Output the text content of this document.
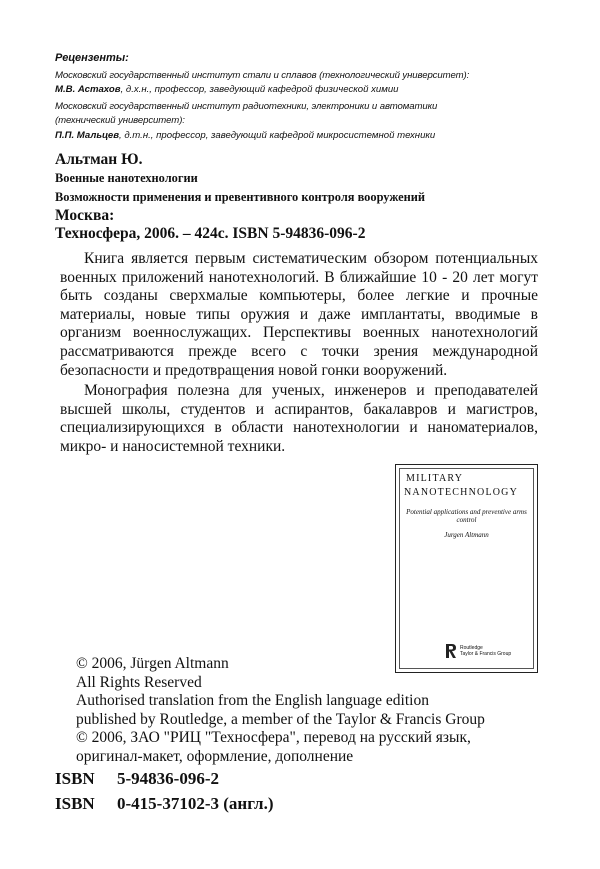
Рецензенты:
Московский государственный институт стали и сплавов (технологический университет):
М.В. Астахов, д.х.н., профессор, заведующий кафедрой физической химии
Московский государственный институт радиотехники, электроники и автоматики
(технический университет):
П.П. Мальцев, д.т.н., профессор, заведующий кафедрой микросистемной техники
Альтман Ю.
Военные нанотехнологии
Возможности применения и превентивного контроля вооружений
Москва:
Техносфера, 2006. – 424с. ISBN 5-94836-096-2

Книга является первым систематическим обзором потенциальных военных приложений нанотехнологий. В ближайшие 10 - 20 лет могут быть созданы сверхмалые компьютеры, более легкие и прочные материалы, новые типы оружия и даже имплантаты, вводимые в организм военнослужащих. Перспективы военных нанотехнологий рассматриваются прежде всего с точки зрения международной безопасности и предотвращения новой гонки вооружений.

Монография полезна для ученых, инженеров и преподавателей высшей школы, студентов и аспирантов, бакалавров и магистров, специализирующихся в области нанотехнологии и наноматериалов, микро- и наносистемной техники.

MILITARY
NANOTECHNOLOGY
Potential applications and preventive arms control
Jurgen Altmann
Routledge
Taylor & Francis Group
© 2006, Jürgen Altmann
All Rights Reserved
Authorised translation from the English language edition
published by Routledge, a member of the Taylor & Francis Group
© 2006, ЗАО "РИЦ "Техносфера", перевод на русский язык,
оригинал-макет, оформление, дополнение
ISBN 5-94836-096-2
ISBN 0-415-37102-3 (англ.)
